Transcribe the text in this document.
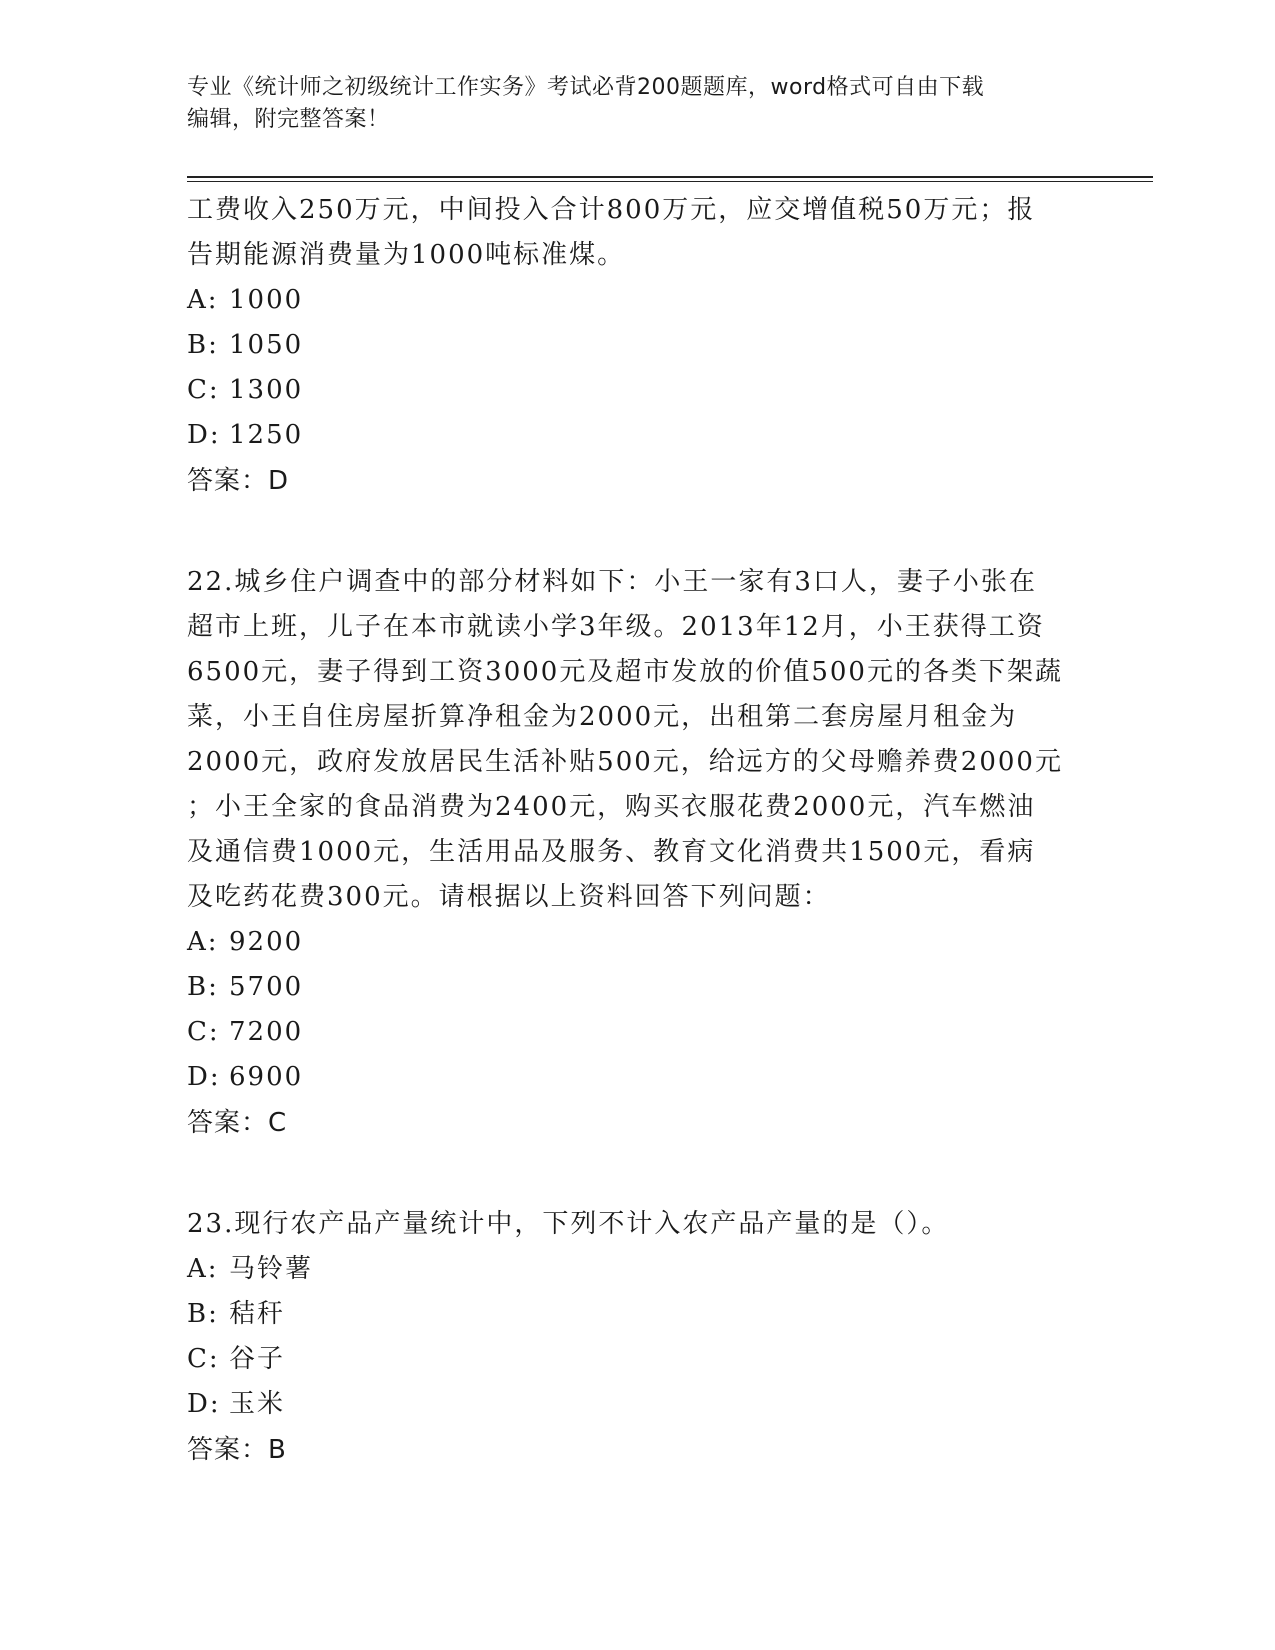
专业《统计师之初级统计工作实务》考试必背200题题库，word格式可自由下载
编辑，附完整答案！

工费收入250万元，中间投入合计800万元，应交增值税50万元；报

告期能源消费量为1000吨标准煤。

A: 1000

B: 1050

C: 1300

D: 1250

答案：D

22.城乡住户调查中的部分材料如下：小王一家有3口人，妻子小张在

超市上班，儿子在本市就读小学3年级。2013年12月，小王获得工资

6500元，妻子得到工资3000元及超市发放的价值500元的各类下架蔬

菜，小王自住房屋折算净租金为2000元，出租第二套房屋月租金为

2000元，政府发放居民生活补贴500元，给远方的父母赡养费2000元

；小王全家的食品消费为2400元，购买衣服花费2000元，汽车燃油

及通信费1000元，生活用品及服务、教育文化消费共1500元，看病

及吃药花费300元。请根据以上资料回答下列问题：

A: 9200

B: 5700

C: 7200

D: 6900

答案：C

23.现行农产品产量统计中，下列不计入农产品产量的是（）。

A: 马铃薯

B: 秸秆

C: 谷子

D: 玉米

答案：B
